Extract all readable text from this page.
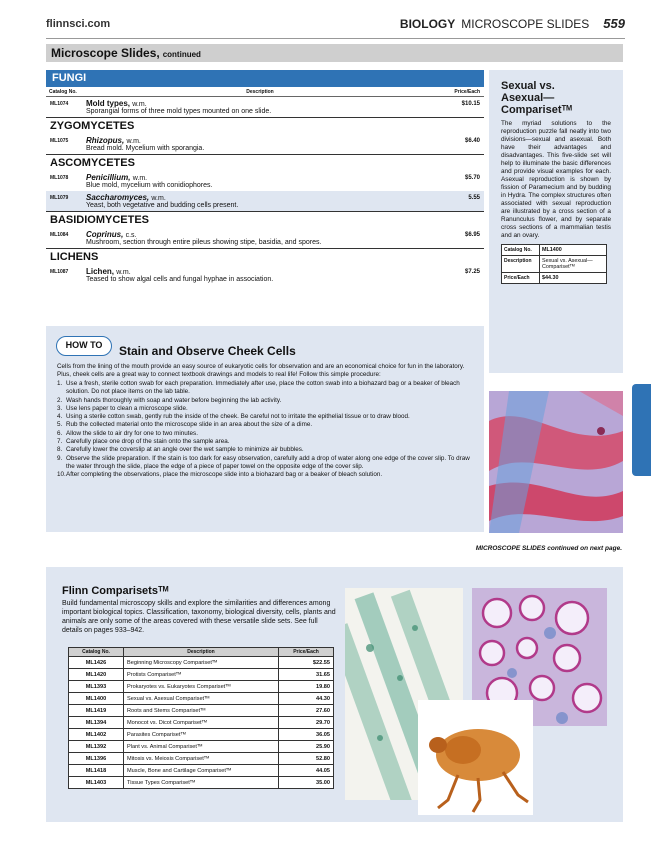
flinnsci.com	BIOLOGY MICROSCOPE SLIDES 559
Microscope Slides, continued
FUNGI
Catalog No.	Description	Price/Each
ML1074	Mold types, w.m.
Sporangial forms of three mold types mounted on one slide.
$10.15
ZYGOMYCETES
ML1075	Rhizopus, w.m.
Bread mold. Mycelium with sporangia.
$6.40
ASCOMYCETES
ML1078	Penicillium, w.m.
Blue mold, mycelium with conidiophores.
$5.70
ML1079	Saccharomyces, w.m.
Yeast, both vegetative and budding cells present.
5.55
BASIDIOMYCETES
ML1084	Coprinus, c.s.
Mushroom, section through entire pileus showing stipe, basidia, and spores.
$6.95
LICHENS
ML1087	Lichen, w.m.
Teased to show algal cells and fungal hyphae in association.
$7.25
Sexual vs.
Asexual—
Comparisetᵀᴹ

The myriad solutions to the reproduction puzzle fall neatly into two divisions—sexual and asexual. Both have their advantages and disadvantages. This five-slide set will help to illuminate the basic differences and provide visual examples for each. Asexual reproduction is shown by fission of Paramecium and by budding in Hydra. The complex structures often associated with sexual reproduction are illustrated by a cross section of a Ranunculus flower, and by separate cross sections of a mammalian testis and an ovary.

Catalog No.	ML1400
Description	Sexual vs. Asexual— Comparisetᵀᴹ
Price/Each	$44.30
HOW TO	Stain and Observe Cheek Cells
Cells from the lining of the mouth provide an easy source of eukaryotic cells for observation and are an economical choice for fun in the laboratory. Plus, cheek cells are a great way to connect textbook drawings and models to real life! Follow this simple procedure:
1. Use a fresh, sterile cotton swab for each preparation. Immediately after use, place the cotton swab into a biohazard bag or a beaker of bleach solution. Do not place items on the lab table.
2. Wash hands thoroughly with soap and water before beginning the lab activity.
3. Use lens paper to clean a microscope slide.
4. Using a sterile cotton swab, gently rub the inside of the cheek. Be careful not to irritate the epithelial tissue or to draw blood.
5. Rub the collected material onto the microscope slide in an area about the size of a dime.
6. Allow the slide to air dry for one to two minutes.
7. Carefully place one drop of the stain onto the sample area.
8. Carefully lower the coverslip at an angle over the wet sample to minimize air bubbles.
9. Observe the slide preparation. If the stain is too dark for easy observation, carefully add a drop of water along one edge of the cover slip. To draw the water through the slide, place the edge of a piece of paper towel on the opposite edge of the cover slip.
10. After completing the observations, place the microscope slide into a biohazard bag or a beaker of bleach solution.
MICROSCOPE SLIDES continued on next page.
Flinn Comparisetsᵀᴹ
Build fundamental microscopy skills and explore the similarities and differences among important biological topics. Classification, taxonomy, biological diversity, cells, plants and animals are only some of the areas covered with these versatile slide sets. See full details on pages 933–942.
Catalog No.	Description	Price/Each
ML1426	Beginning Microscopy Comparisetᵀᴹ	$22.55
ML1420	Protists Comparisetᵀᴹ	31.65
ML1393	Prokaryotes vs. Eukaryotes Comparisetᵀᴹ	19.80
ML1400	Sexual vs. Asexual Comparisetᵀᴹ	44.30
ML1419	Roots and Stems Comparisetᵀᴹ	27.60
ML1394	Monocot vs. Dicot Comparisetᵀᴹ	29.70
ML1402	Parasites Comparisetᵀᴹ	36.05
ML1392	Plant vs. Animal Comparisetᵀᴹ	25.90
ML1396	Mitosis vs. Meiosis Comparisetᵀᴹ	52.80
ML1418	Muscle, Bone and Cartilage Comparisetᵀᴹ	44.05
ML1403	Tissue Types Comparisetᵀᴹ	35.00
